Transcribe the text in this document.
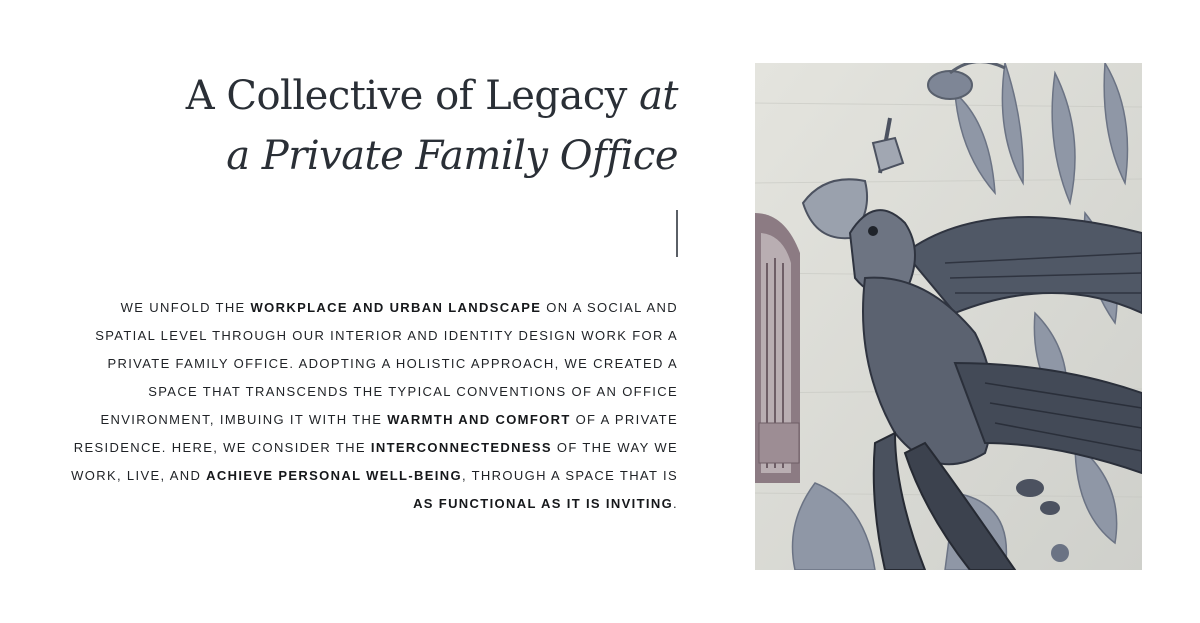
A Collective of Legacy at
a Private Family Office

WE UNFOLD THE WORKPLACE AND URBAN LANDSCAPE ON A SOCIAL AND SPATIAL LEVEL THROUGH OUR INTERIOR AND IDENTITY DESIGN WORK FOR A PRIVATE FAMILY OFFICE. ADOPTING A HOLISTIC APPROACH, WE CREATED A SPACE THAT TRANSCENDS THE TYPICAL CONVENTIONS OF AN OFFICE ENVIRONMENT, IMBUING IT WITH THE WARMTH AND COMFORT OF A PRIVATE RESIDENCE. HERE, WE CONSIDER THE INTERCONNECTEDNESS OF THE WAY WE WORK, LIVE, AND ACHIEVE PERSONAL WELL-BEING, THROUGH A SPACE THAT IS AS FUNCTIONAL AS IT IS INVITING.
